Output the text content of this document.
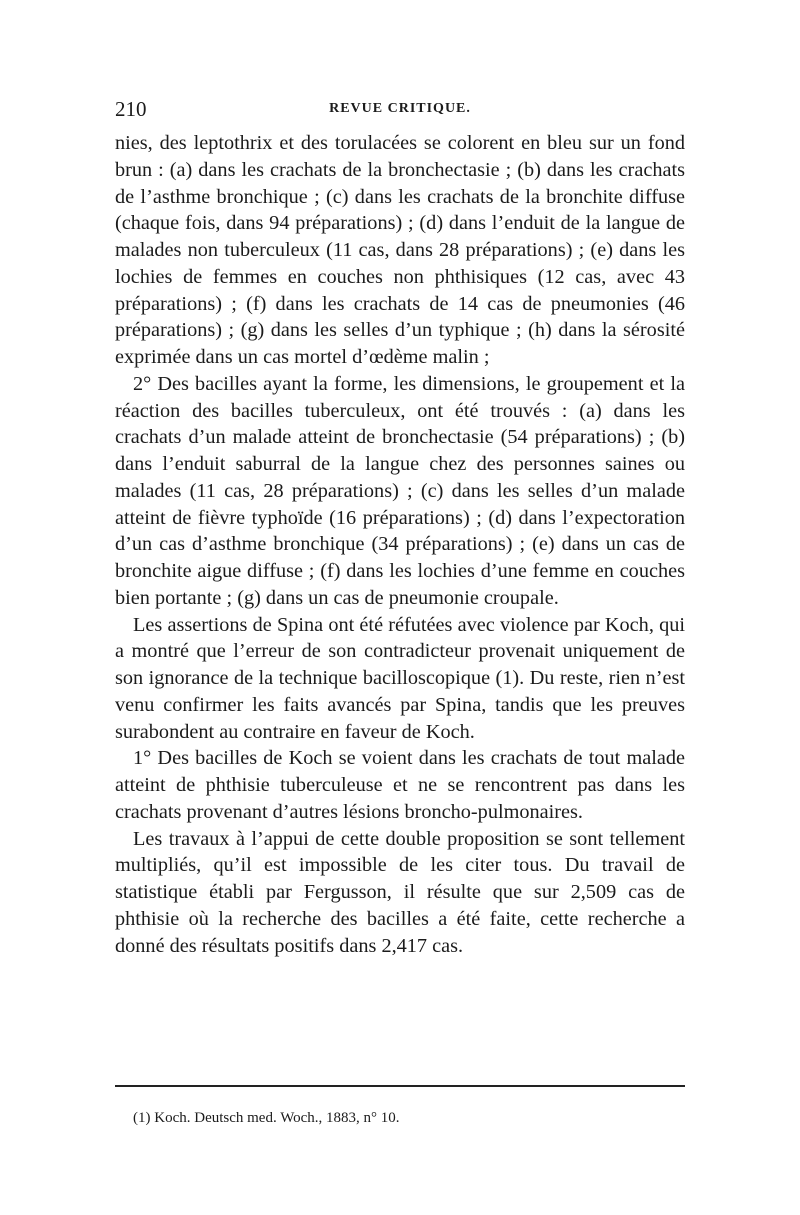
210	REVUE CRITIQUE.

nies, des leptothrix et des torulacées se colorent en bleu sur un fond brun : (a) dans les crachats de la bronchectasie ; (b) dans les crachats de l’asthme bronchique ; (c) dans les crachats de la bronchite diffuse (chaque fois, dans 94 préparations) ; (d) dans l’enduit de la langue de malades non tuberculeux (11 cas, dans 28 préparations) ; (e) dans les lochies de femmes en couches non phthisiques (12 cas, avec 43 préparations) ; (f) dans les crachats de 14 cas de pneumonies (46 préparations) ; (g) dans les selles d’un typhique ; (h) dans la sérosité exprimée dans un cas mortel d’œdème malin ;

2° Des bacilles ayant la forme, les dimensions, le groupement et la réaction des bacilles tuberculeux, ont été trouvés : (a) dans les crachats d’un malade atteint de bronchectasie (54 préparations) ; (b) dans l’enduit saburral de la langue chez des personnes saines ou malades (11 cas, 28 préparations) ; (c) dans les selles d’un malade atteint de fièvre typhoïde (16 préparations) ; (d) dans l’expectoration d’un cas d’asthme bronchique (34 préparations) ; (e) dans un cas de bronchite aigue diffuse ; (f) dans les lochies d’une femme en couches bien portante ; (g) dans un cas de pneumonie croupale.

Les assertions de Spina ont été réfutées avec violence par Koch, qui a montré que l’erreur de son contradicteur provenait uniquement de son ignorance de la technique bacilloscopique (1). Du reste, rien n’est venu confirmer les faits avancés par Spina, tandis que les preuves surabondent au contraire en faveur de Koch.

1° Des bacilles de Koch se voient dans les crachats de tout malade atteint de phthisie tuberculeuse et ne se rencontrent pas dans les crachats provenant d’autres lésions broncho-pulmonaires.

Les travaux à l’appui de cette double proposition se sont tellement multipliés, qu’il est impossible de les citer tous. Du travail de statistique établi par Fergusson, il résulte que sur 2,509 cas de phthisie où la recherche des bacilles a été faite, cette recherche a donné des résultats positifs dans 2,417 cas.

(1) Koch. Deutsch med. Woch., 1883, n° 10.
